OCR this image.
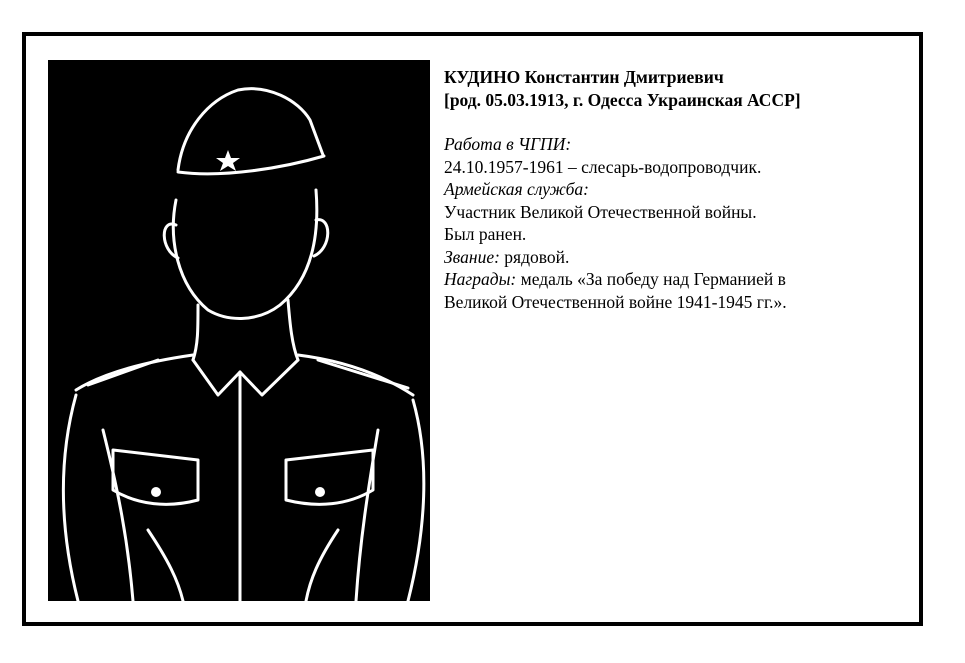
КУДИНО Константин Дмитриевич
[род. 05.03.1913, г. Одесса Украинская АССР]
Работа в ЧГПИ:
24.10.1957-1961 – слесарь-водопроводчик.
Армейская служба:
Участник Великой Отечественной войны.
Был ранен.
Звание: рядовой.
Награды: медаль «За победу над Германией в
Великой Отечественной войне 1941-1945 гг.».
